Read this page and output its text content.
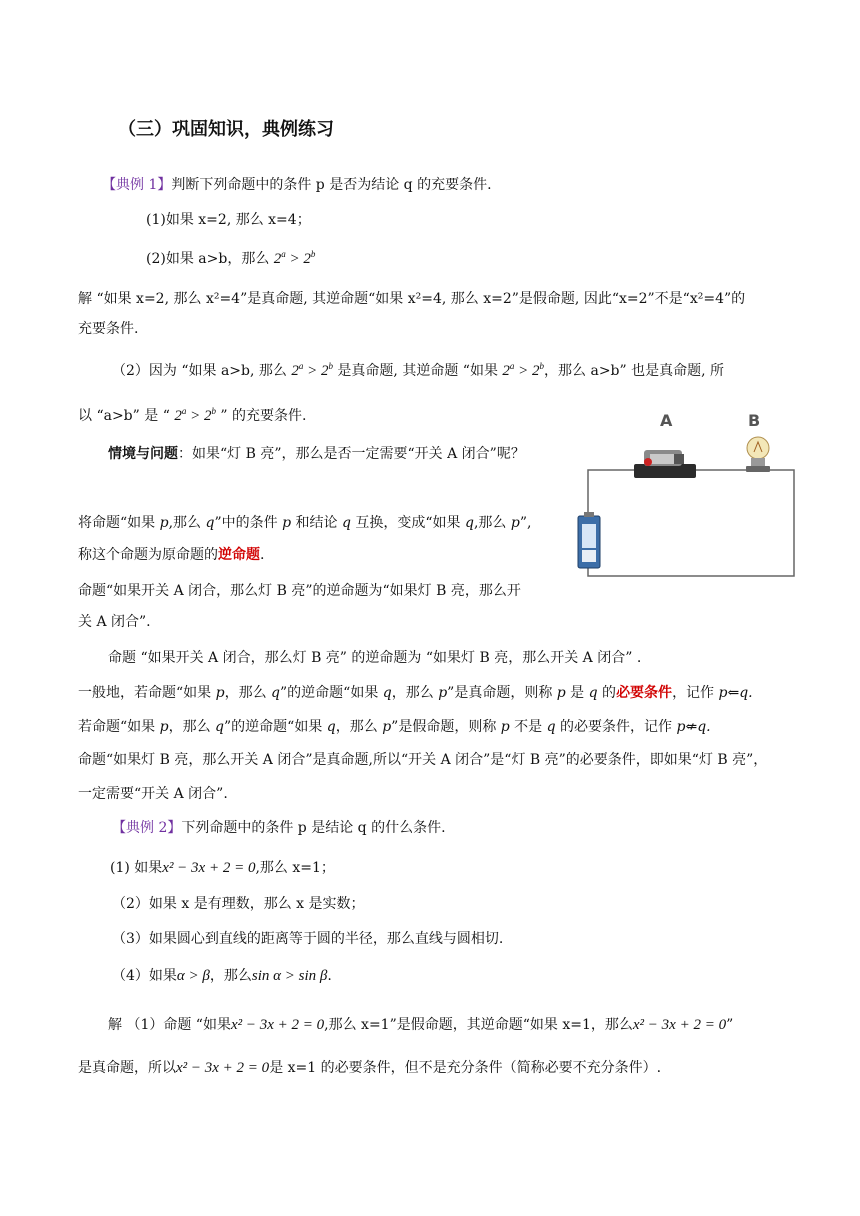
（三）巩固知识，典例练习
【典例 1】判断下列命题中的条件 p 是否为结论 q 的充要条件.
(1)如果 x=2, 那么 x=4；
(2)如果 a>b，那么 $2^a > 2^b$
解 “如果 x=2, 那么 x²=4”是真命题, 其逆命题“如果 x²=4, 那么 x=2”是假命题, 因此“x=2”不是“x²=4”的
充要条件.
（2）因为 “如果 a>b, 那么 $2^a > 2^b$ 是真命题, 其逆命题 “如果 $2^a > 2^b$，那么 a>b” 也是真命题, 所
以 “a>b” 是 “ $2^a > 2^b$ ” 的充要条件.
情境与问题：如果“灯 B 亮”，那么是否一定需要“开关 A 闭合”呢？
A	B
将命题“如果 p,那么 q”中的条件 p 和结论 q 互换，变成“如果 q,那么 p”,
称这个命题为原命题的逆命题.
命题“如果开关 A 闭合，那么灯 B 亮”的逆命题为“如果灯 B 亮，那么开
关 A 闭合”.
命题 “如果开关 A 闭合，那么灯 B 亮” 的逆命题为 “如果灯 B 亮，那么开关 A 闭合” .
一般地，若命题“如果 p，那么 q”的逆命题“如果 q，那么 p”是真命题，则称 p 是 q 的必要条件，记作 p⇐q.
若命题“如果 p，那么 q”的逆命题“如果 q，那么 p”是假命题，则称 p 不是 q 的必要条件，记作 p⇍q.
命题“如果灯 B 亮，那么开关 A 闭合”是真命题,所以“开关 A 闭合”是“灯 B 亮”的必要条件，即如果“灯 B 亮”，
一定需要“开关 A 闭合”.
【典例 2】下列命题中的条件 p 是结论 q 的什么条件.
(1) 如果x² − 3x + 2 = 0,那么 x=1；
（2）如果 x 是有理数，那么 x 是实数；
（3）如果圆心到直线的距离等于圆的半径，那么直线与圆相切.
（4）如果α > β，那么sin α > sin β.
解 （1）命题 “如果x² − 3x + 2 = 0,那么 x=1”是假命题，其逆命题“如果 x=1，那么x² − 3x + 2 = 0”
是真命题，所以x² − 3x + 2 = 0是 x=1 的必要条件，但不是充分条件（简称必要不充分条件）.
